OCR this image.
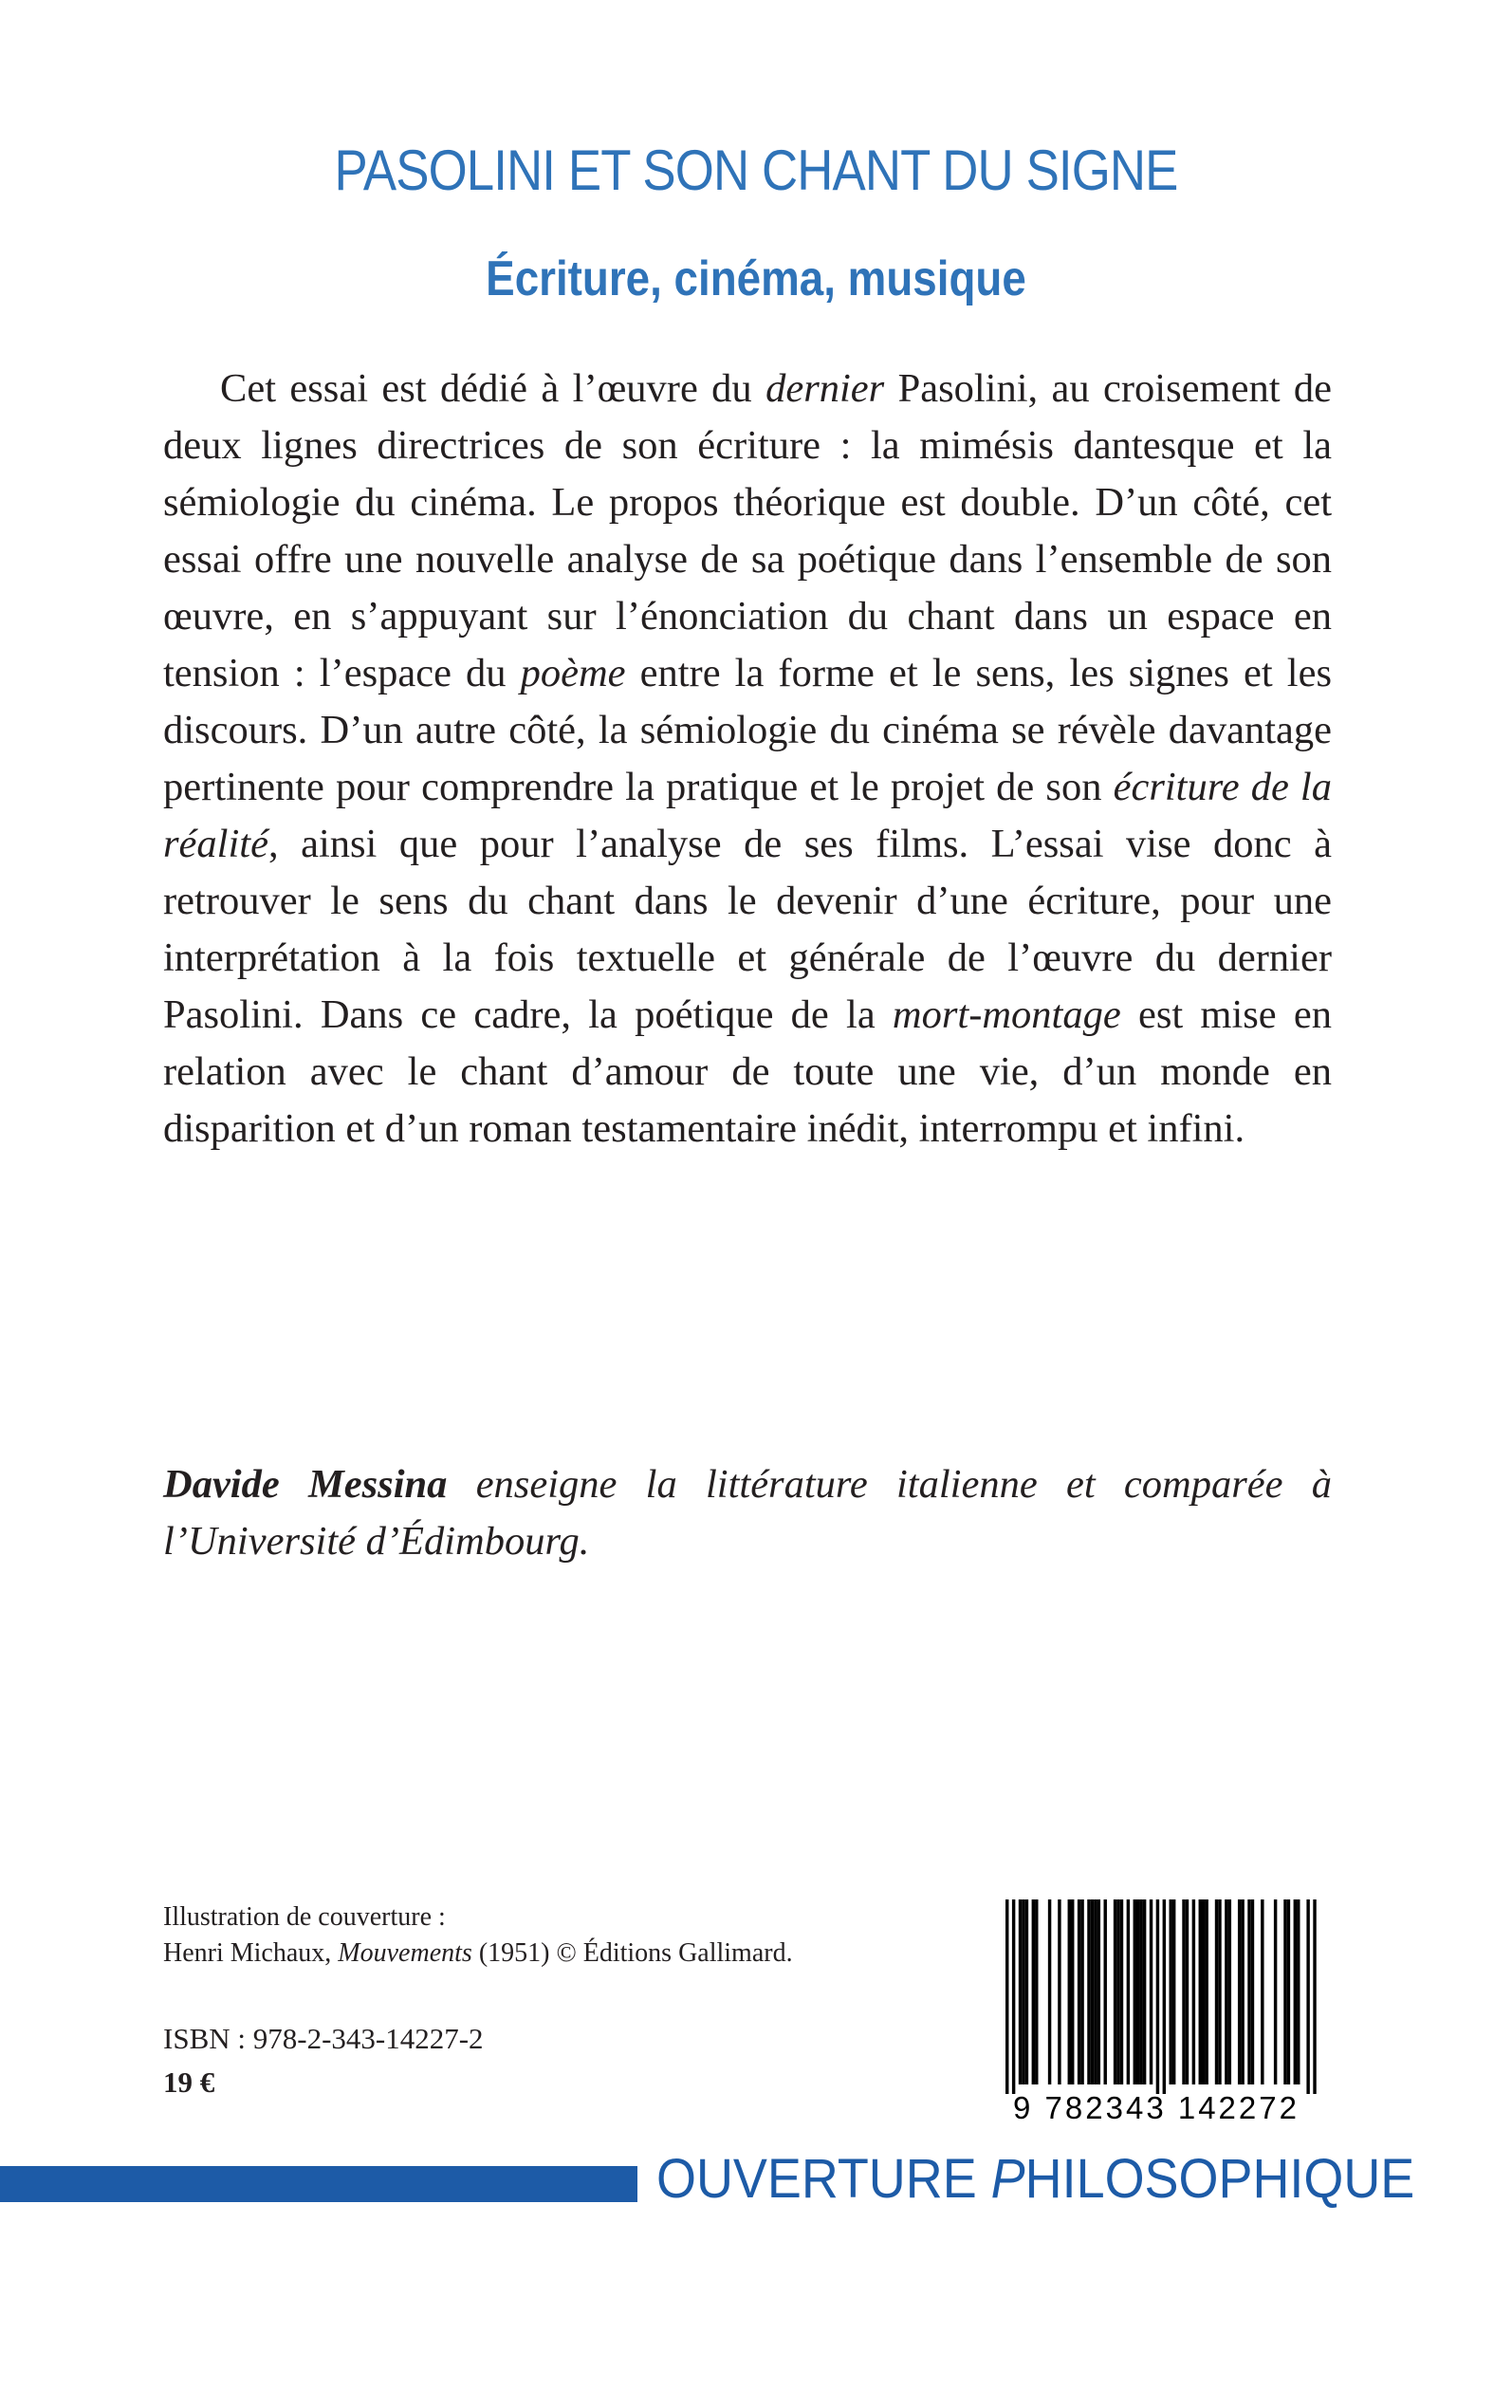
PASOLINI ET SON CHANT DU SIGNE
Écriture, cinéma, musique

Cet essai est dédié à l’œuvre du dernier Pasolini, au croisement de deux lignes directrices de son écriture : la mimésis dantesque et la sémiologie du cinéma. Le propos théorique est double. D’un côté, cet essai offre une nouvelle analyse de sa poétique dans l’ensemble de son œuvre, en s’appuyant sur l’énonciation du chant dans un espace en tension : l’espace du poème entre la forme et le sens, les signes et les discours. D’un autre côté, la sémiologie du cinéma se révèle davantage pertinente pour comprendre la pratique et le projet de son écriture de la réalité, ainsi que pour l’analyse de ses films. L’essai vise donc à retrouver le sens du chant dans le devenir d’une écriture, pour une interprétation à la fois textuelle et générale de l’œuvre du dernier Pasolini. Dans ce cadre, la poétique de la mort-montage est mise en relation avec le chant d’amour de toute une vie, d’un monde en disparition et d’un roman testamentaire inédit, interrompu et infini.

Davide Messina enseigne la littérature italienne et comparée à l’Université d’Édimbourg.

Illustration de couverture :
Henri Michaux, Mouvements (1951) © Éditions Gallimard.

ISBN : 978-2-343-14227-2

19 €

9 782343 142272
OUVERTURE PHILOSOPHIQUE
